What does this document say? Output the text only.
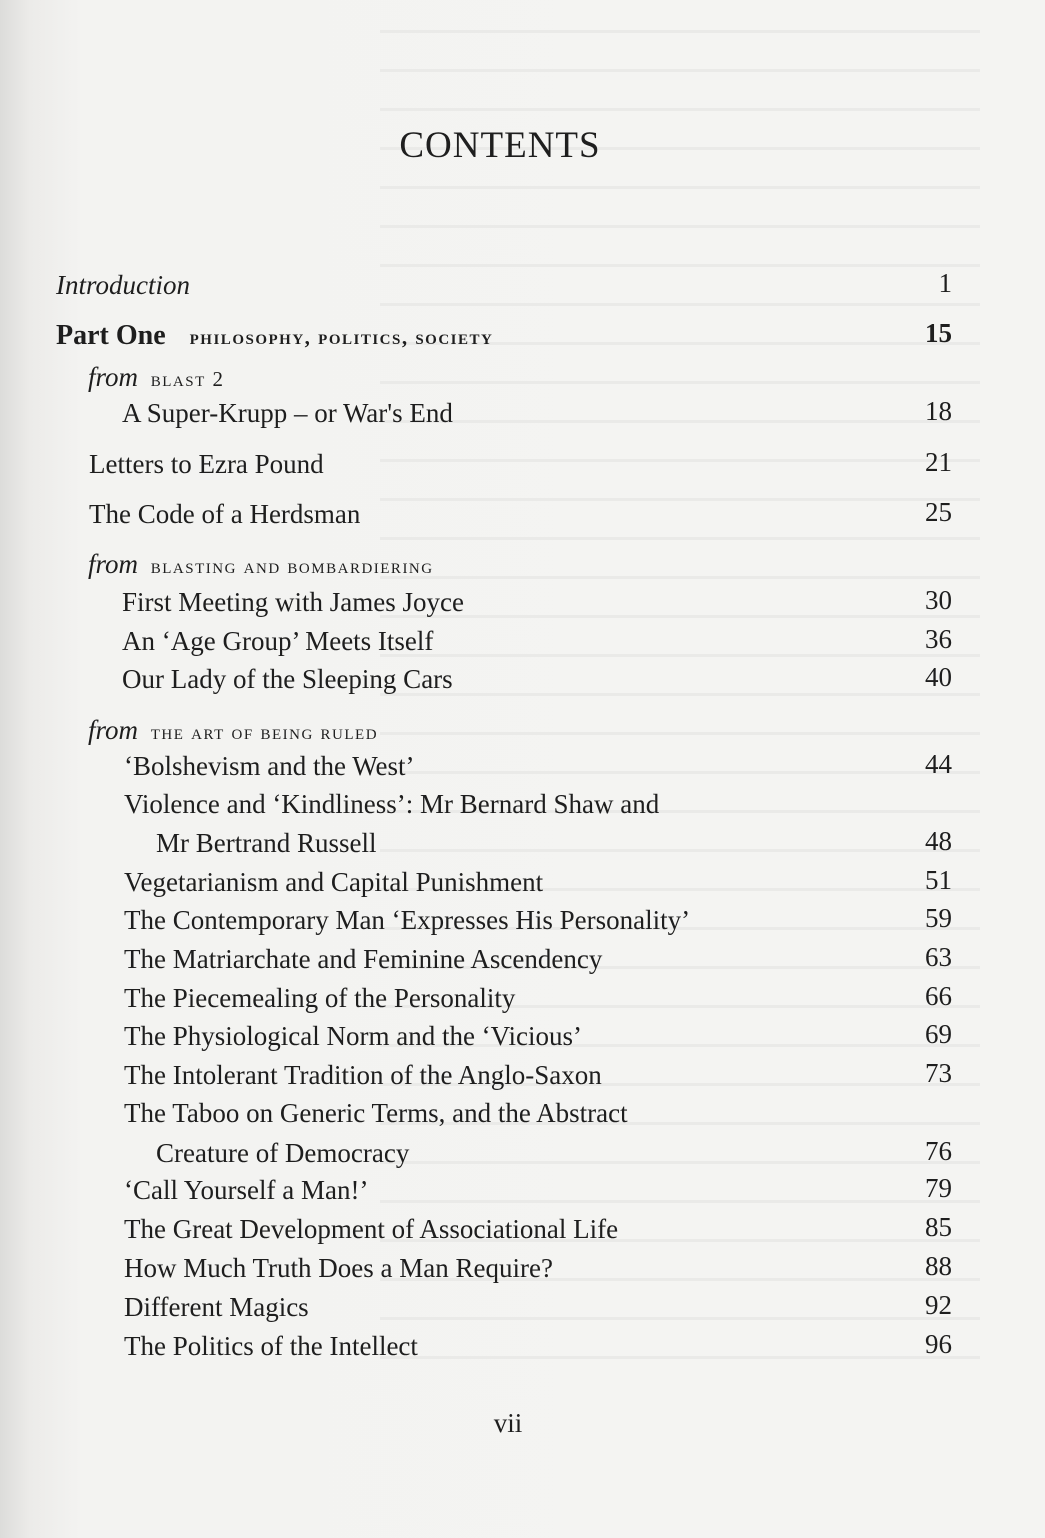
CONTENTS
Introduction	1
Part One philosophy, politics, society	15
from blast 2
A Super-Krupp – or War's End	18
Letters to Ezra Pound	21
The Code of a Herdsman	25
from blasting and bombardiering
First Meeting with James Joyce	30
An ‘Age Group’ Meets Itself	36
Our Lady of the Sleeping Cars	40
from the art of being ruled
‘Bolshevism and the West’	44
Violence and ‘Kindliness’: Mr Bernard Shaw and
Mr Bertrand Russell	48
Vegetarianism and Capital Punishment	51
The Contemporary Man ‘Expresses His Personality’	59
The Matriarchate and Feminine Ascendency	63
The Piecemealing of the Personality	66
The Physiological Norm and the ‘Vicious’	69
The Intolerant Tradition of the Anglo-Saxon	73
The Taboo on Generic Terms, and the Abstract
Creature of Democracy	76
‘Call Yourself a Man!’	79
The Great Development of Associational Life	85
How Much Truth Does a Man Require?	88
Different Magics	92
The Politics of the Intellect	96
vii
